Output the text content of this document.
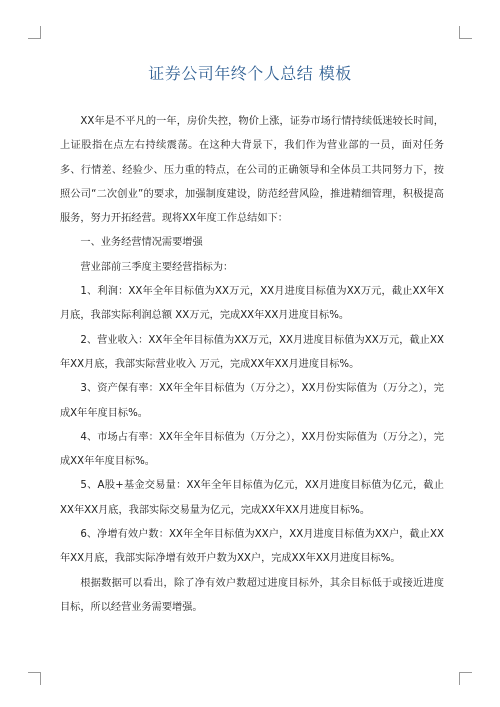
证券公司年终个人总结 模板

XX年是不平凡的一年，房价失控，物价上涨，证券市场行情持续低迷较长时间，上证股指在点左右持续震荡。在这种大背景下，我们作为营业部的一员，面对任务多、行情差、经验少、压力重的特点，在公司的正确领导和全体员工共同努力下，按照公司“二次创业”的要求，加强制度建设，防范经营风险，推进精细管理，积极提高服务，努力开拓经营。现将XX年度工作总结如下：

一、业务经营情况需要增强

营业部前三季度主要经营指标为：

1、利润：XX年全年目标值为XX万元，XX月进度目标值为XX万元，截止XX年X月底，我部实际利润总额 XX万元，完成XX年XX月进度目标%。

2、营业收入：XX年全年目标值为XX万元，XX月进度目标值为XX万元，截止XX年XX月底，我部实际营业收入 万元，完成XX年XX月进度目标%。

3、资产保有率：XX年全年目标值为（万分之），XX月份实际值为（万分之），完成X年年度目标%。

4、市场占有率：XX年全年目标值为（万分之），XX月份实际值为（万分之），完成XX年年度目标%。

5、A股+基金交易量：XX年全年目标值为亿元，XX月进度目标值为亿元，截止XX年XX月底，我部实际交易量为亿元，完成XX年XX月进度目标%。

6、净增有效户数：XX年全年目标值为XX户，XX月进度目标值为XX户，截止XX年XX月底，我部实际净增有效开户数为XX户，完成XX年XX月进度目标%。

根据数据可以看出，除了净有效户数超过进度目标外，其余目标低于或接近进度目标，所以经营业务需要增强。
